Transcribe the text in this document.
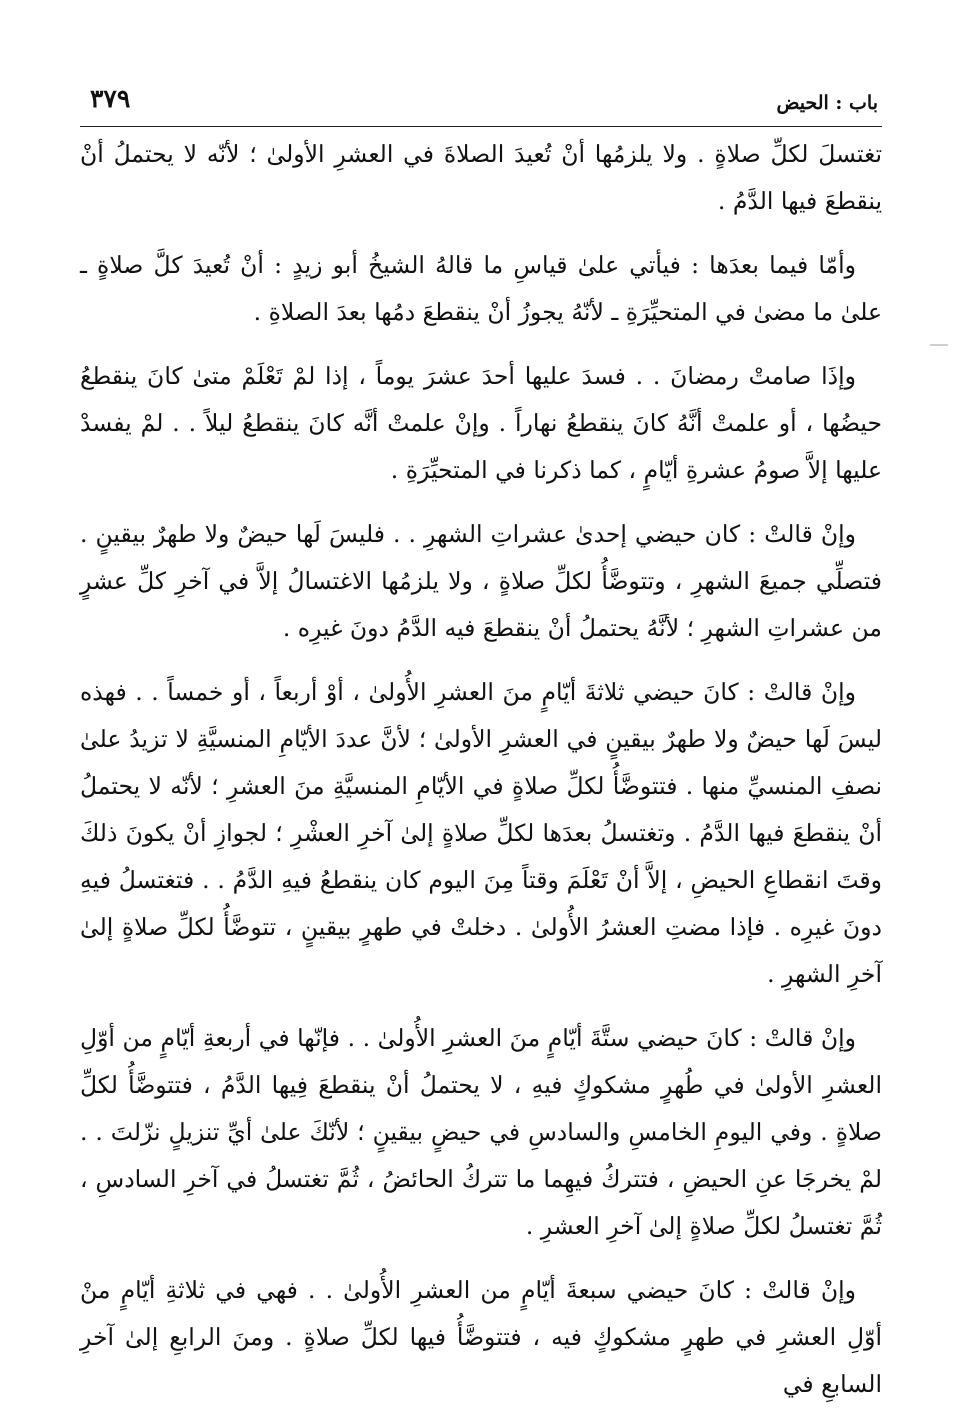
باب : الحيض
٣٧٩

تغتسلَ لكلِّ صلاةٍ . ولا يلزمُها أنْ تُعيدَ الصلاةَ في العشرِ الأولىٰ ؛ لأنّه لا يحتملُ أنْ ينقطعَ فيها الدَّمُ .

وأمّا فيما بعدَها : فيأتي علىٰ قياسِ ما قالهُ الشيخُ أبو زيدٍ : أنْ تُعيدَ كلَّ صلاةٍ ـ علىٰ ما مضىٰ في المتحيِّرَةِ ـ لأنّهُ يجوزُ أنْ ينقطعَ دمُها بعدَ الصلاةِ .

وإذَا صامتْ رمضانَ . . فسدَ عليها أحدَ عشرَ يوماً ، إذا لمْ تَعْلَمْ متىٰ كانَ ينقطعُ حيضُها ، أو علمتْ أنَّهُ كانَ ينقطعُ نهاراً . وإنْ علمتْ أنَّه كانَ ينقطعُ ليلاً . . لمْ يفسدْ عليها إلاَّ صومُ عشرةِ أيّامٍ ، كما ذكرنا في المتحيِّرَةِ .

وإنْ قالتْ : كان حيضي إحدىٰ عشراتِ الشهرِ . . فليسَ لَها حيضٌ ولا طهرٌ بيقينٍ . فتصلِّي جميعَ الشهرِ ، وتتوضَّأُ لكلِّ صلاةٍ ، ولا يلزمُها الاغتسالُ إلاَّ في آخرِ كلِّ عشرٍ من عشراتِ الشهرِ ؛ لأنَّهُ يحتملُ أنْ ينقطعَ فيه الدَّمُ دونَ غيرِه .

وإنْ قالتْ : كانَ حيضي ثلاثةَ أيّامٍ منَ العشرِ الأُولىٰ ، أوْ أربعاً ، أو خمساً . . فهذه ليسَ لَها حيضٌ ولا طهرٌ بيقينٍ في العشرِ الأولىٰ ؛ لأنَّ عددَ الأيّامِ المنسيَّةِ لا تزيدُ علىٰ نصفِ المنسيِّ منها . فتتوضَّأُ لكلِّ صلاةٍ في الأيّامِ المنسيَّةِ منَ العشرِ ؛ لأنّه لا يحتملُ أنْ ينقطعَ فيها الدَّمُ . وتغتسلُ بعدَها لكلِّ صلاةٍ إلىٰ آخرِ العشْرِ ؛ لجوازِ أنْ يكونَ ذلكَ وقتَ انقطاعِ الحيضِ ، إلاَّ أنْ تَعْلَمَ وقتاً مِنَ اليوم كان ينقطعُ فيهِ الدَّمُ . . فتغتسلُ فيهِ دونَ غيرِه . فإذا مضتِ العشرُ الأُولىٰ . دخلتْ في طهرٍ بيقينٍ ، تتوضَّأُ لكلِّ صلاةٍ إلىٰ آخرِ الشهرِ .

وإنْ قالتْ : كانَ حيضي ستَّةَ أيّامٍ منَ العشرِ الأُولىٰ . . فإنّها في أربعةِ أيّامٍ من أوّلِ العشرِ الأولىٰ في طُهرٍ مشكوكٍ فيهِ ، لا يحتملُ أنْ ينقطعَ فِيها الدَّمُ ، فتتوضَّأُ لكلِّ صلاةٍ . وفي اليومِ الخامسِ والسادسِ في حيضٍ بيقينٍ ؛ لأنّكَ علىٰ أيِّ تنزيلٍ نزّلتَ . . لمْ يخرجَا عنِ الحيضِ ، فتتركُ فيهِما ما تتركُ الحائضُ ، ثُمَّ تغتسلُ في آخرِ السادسِ ، ثُمَّ تغتسلُ لكلِّ صلاةٍ إلىٰ آخرِ العشرِ .

وإنْ قالتْ : كانَ حيضي سبعةَ أيّامٍ من العشرِ الأُولىٰ . . فهي في ثلاثةِ أيّامٍ منْ أوّلِ العشرِ في طهرٍ مشكوكٍ فيه ، فتتوضَّأُ فيها لكلِّ صلاةٍ . ومنَ الرابعِ إلىٰ آخرِ السابعِ في
